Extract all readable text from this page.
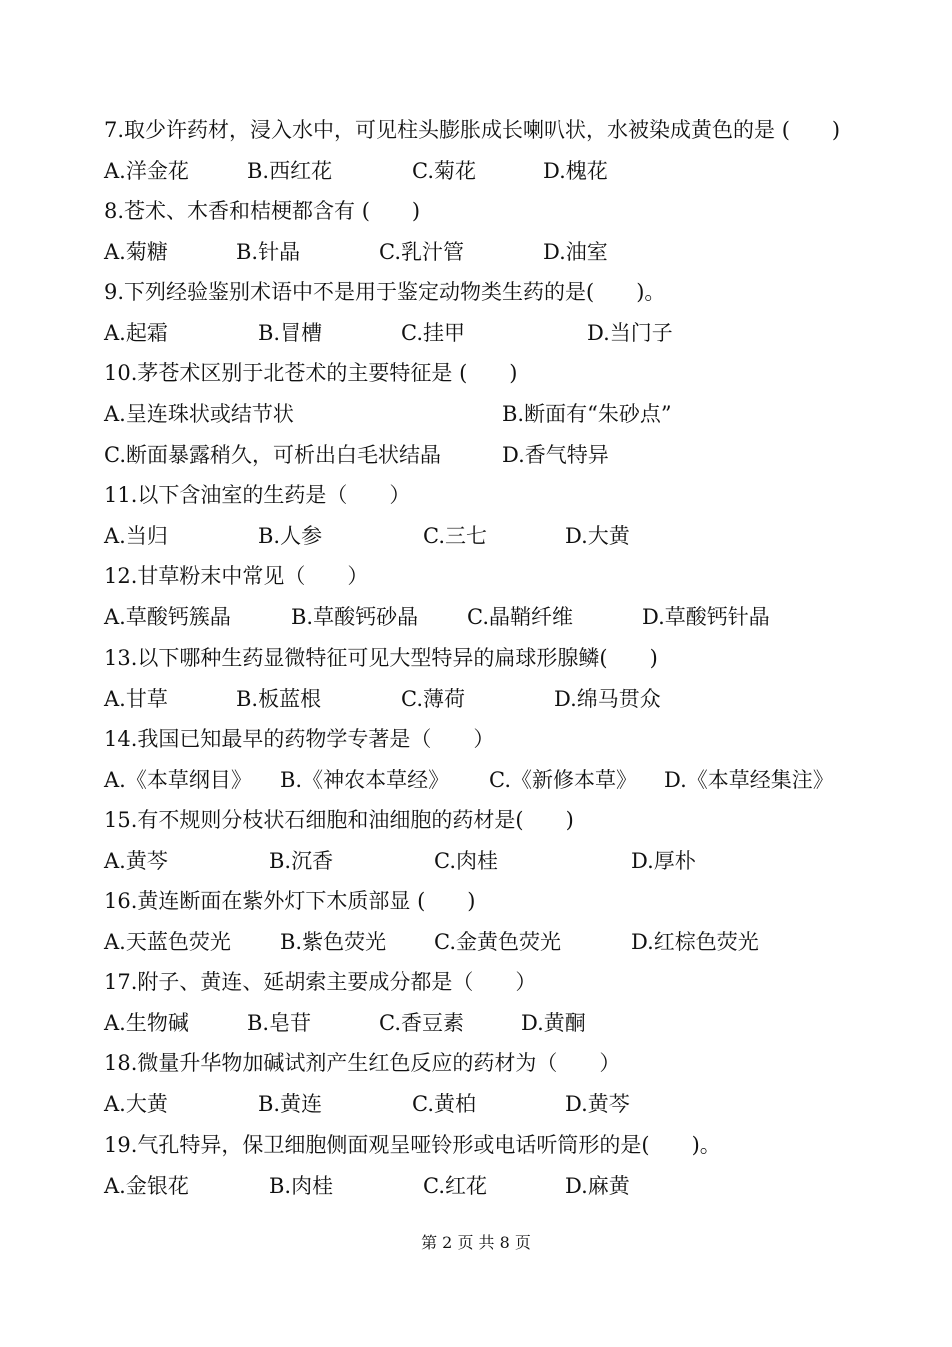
7.取少许药材，浸入水中，可见柱头膨胀成长喇叭状，水被染成黄色的是 (　　)
A.洋金花	B.西红花	C.菊花	D.槐花
8.苍术、木香和桔梗都含有 (　　)
A.菊糖	B.针晶	C.乳汁管	D.油室
9.下列经验鉴别术语中不是用于鉴定动物类生药的是(　　)。
A.起霜	B.冒槽	C.挂甲	D.当门子
10.茅苍术区别于北苍术的主要特征是 (　　)
A.呈连珠状或结节状	B.断面有“朱砂点”
C.断面暴露稍久，可析出白毛状结晶	D.香气特异
11.以下含油室的生药是（　　）
A.当归	B.人参	C.三七	D.大黄
12.甘草粉末中常见（　　）
A.草酸钙簇晶	B.草酸钙砂晶 C.晶鞘纤维	D.草酸钙针晶
13.以下哪种生药显微特征可见大型特异的扁球形腺鳞(　　)
A.甘草	B.板蓝根	C.薄荷	D.绵马贯众
14.我国已知最早的药物学专著是（　　）
A.《本草纲目》 B.《神农本草经》 C.《新修本草》 D.《本草经集注》
15.有不规则分枝状石细胞和油细胞的药材是(　　)
A.黄芩	B.沉香	C.肉桂	D.厚朴
16.黄连断面在紫外灯下木质部显 (　　)
A.天蓝色荧光 B.紫色荧光 C.金黄色荧光	D.红棕色荧光
17.附子、黄连、延胡索主要成分都是（　　）
A.生物碱	B.皂苷	C.香豆素	D.黄酮
18.微量升华物加碱试剂产生红色反应的药材为（　　）
A.大黄	B.黄连	C.黄柏	D.黄芩
19.气孔特异，保卫细胞侧面观呈哑铃形或电话听筒形的是(　　)。
A.金银花	B.肉桂	C.红花	D.麻黄
第 2 页 共 8 页
